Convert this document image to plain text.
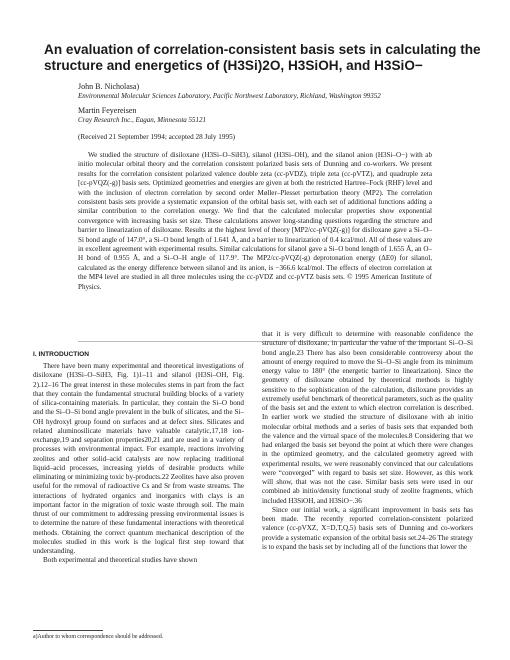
An evaluation of correlation-consistent basis sets in calculating the structure and energetics of (H3Si)2O, H3SiOH, and H3SiO−
John B. Nicholasa)
Environmental Molecular Sciences Laboratory, Pacific Northwest Laboratory, Richland, Washington 99352
Martin Feyereisen
Cray Research Inc., Eagan, Minnesota 55121
(Received 21 September 1994; accepted 28 July 1995)

We studied the structure of disiloxane (H3Si–O–SiH3), silanol (H3Si–OH), and the silanol anion (H3Si–O−) with ab initio molecular orbital theory and the correlation consistent polarized basis sets of Dunning and co-workers. We present results for the correlation consistent polarized valence double zeta (cc-pVDZ), triple zeta (cc-pVTZ), and quadruple zeta [cc-pVQZ(-g)] basis sets. Optimized geometries and energies are given at both the restricted Hartree–Fock (RHF) level and with the inclusion of electron correlation by second order Møller–Plesset perturbation theory (MP2). The correlation consistent basis sets provide a systematic expansion of the orbital basis set, with each set of additional functions adding a similar contribution to the correlation energy. We find that the calculated molecular properties show exponential convergence with increasing basis set size. These calculations answer long-standing questions regarding the structure and barrier to linearization of disiloxane. Results at the highest level of theory [MP2/cc-pVQZ(-g)] for disiloxane gave a Si–O–Si bond angle of 147.0°, a Si–O bond length of 1.641 Å, and a barrier to linearization of 0.4 kcal/mol. All of these values are in excellent agreement with experimental results. Similar calculations for silanol gave a Si–O bond length of 1.655 Å, an O–H bond of 0.955 Å, and a Si–O–H angle of 117.9°. The MP2/cc-pVQZ(-g) deprotonation energy (ΔE0) for silanol, calculated as the energy difference between silanol and its anion, is −366.6 kcal/mol. The effects of electron correlation at the MP4 level are studied in all three molecules using the cc-pVDZ and cc-pVTZ basis sets. © 1995 American Institute of Physics.

I. INTRODUCTION

There have been many experimental and theoretical investigations of disiloxane (H3Si–O–SiH3, Fig. 1)1–11 and silanol (H3Si–OH, Fig. 2).12–16 The great interest in these molecules stems in part from the fact that they contain the fundamental structural building blocks of a variety of silica-containing materials. In particular, they contain the Si–O bond and the Si–O–Si bond angle prevalent in the bulk of silicates, and the Si–OH hydroxyl group found on surfaces and at defect sites. Silicates and related aluminosilicate materials have valuable catalytic,17,18 ion-exchange,19 and separation properties20,21 and are used in a variety of processes with environmental impact. For example, reactions involving zeolites and other solid–acid catalysts are now replacing traditional liquid–acid processes, increasing yields of desirable products while eliminating or minimizing toxic by-products.22 Zeolites have also proven useful for the removal of radioactive Cs and Sr from waste streams. The interactions of hydrated organics and inorganics with clays is an important factor in the migration of toxic waste through soil. The main thrust of our commitment to addressing pressing environmental issues is to determine the nature of these fundamental interactions with theoretical methods. Obtaining the correct quantum mechanical description of the molecules studied in this work is the logical first step toward that understanding.

Both experimental and theoretical studies have shown

that it is very difficult to determine with reasonable confidence the structure of disiloxane, in particular the value of the important Si–O–Si bond angle.23 There has also been considerable controversy about the amount of energy required to move the Si–O–Si angle from its minimum energy value to 180° (the energetic barrier to linearization). Since the geometry of disiloxane obtained by theoretical methods is highly sensitive to the sophistication of the calculation, disiloxane provides an extremely useful benchmark of theoretical parameters, such as the quality of the basis set and the extent to which electron correlation is described. In earlier work we studied the structure of disiloxane with ab initio molecular orbital methods and a series of basis sets that expanded both the valence and the virtual space of the molecules.8 Considering that we had enlarged the basis set beyond the point at which there were changes in the optimized geometry, and the calculated geometry agreed with experimental results, we were reasonably convinced that our calculations were “converged” with regard to basis set size. However, as this work will show, that was not the case. Similar basis sets were used in our combined ab initio/density functional study of zeolite fragments, which included H3SiOH, and H3SiO−.36

Since our initial work, a significant improvement in basis sets has been made. The recently reported correlation-consistent polarized valence (cc-pVXZ, X=D,T,Q,5) basis sets of Dunning and co-workers provide a systematic expansion of the orbital basis set.24–26 The strategy is to expand the basis set by including all of the functions that lower the

a)Author to whom correspondence should be addressed.
